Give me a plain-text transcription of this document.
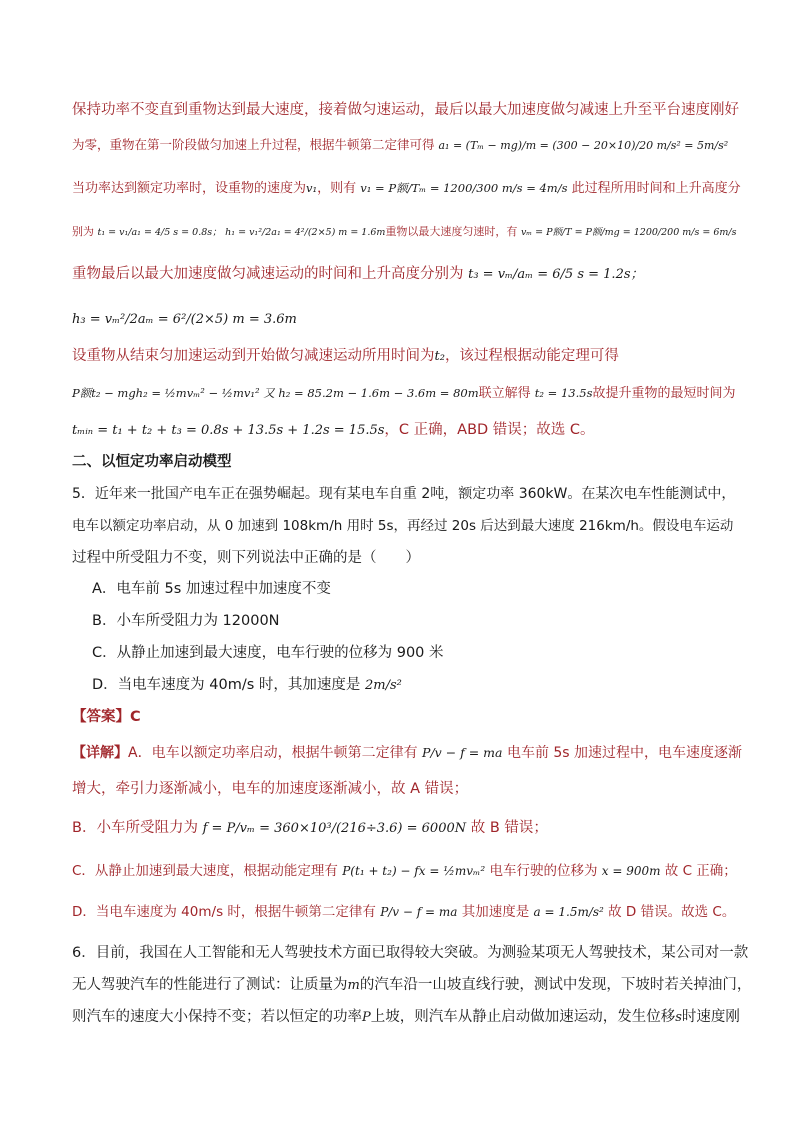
保持功率不变直到重物达到最大速度，接着做匀速运动，最后以最大加速度做匀减速上升至平台速度刚好
为零，重物在第一阶段做匀加速上升过程，根据牛顿第二定律可得 a₁ = (Tₘ − mg)/m = (300 − 20×10)/20 m/s² = 5m/s²
当功率达到额定功率时，设重物的速度为v₁，则有 v₁ = P额/Tₘ = 1200/300 m/s = 4m/s 此过程所用时间和上升高度分
别为 t₁ = v₁/a₁ = 4/5 s = 0.8s； h₁ = v₁²/2a₁ = 4²/(2×5) m = 1.6m重物以最大速度匀速时，有 vₘ = P额/T = P额/mg = 1200/200 m/s = 6m/s
重物最后以最大加速度做匀减速运动的时间和上升高度分别为 t₃ = vₘ/aₘ = 6/5 s = 1.2s；
h₃ = vₘ²/2aₘ = 6²/(2×5) m = 3.6m
设重物从结束匀加速运动到开始做匀减速运动所用时间为t₂，该过程根据动能定理可得
P额t₂ − mgh₂ = ½mvₘ² − ½mv₁² 又 h₂ = 85.2m − 1.6m − 3.6m = 80m联立解得 t₂ = 13.5s故提升重物的最短时间为
tₘᵢₙ = t₁ + t₂ + t₃ = 0.8s + 13.5s + 1.2s = 15.5s，C 正确，ABD 错误；故选 C。
二、以恒定功率启动模型
5．近年来一批国产电车正在强势崛起。现有某电车自重 2吨，额定功率 360kW。在某次电车性能测试中，
电车以额定功率启动，从 0 加速到 108km/h 用时 5s，再经过 20s 后达到最大速度 216km/h。假设电车运动
过程中所受阻力不变，则下列说法中正确的是（　　）
A．电车前 5s 加速过程中加速度不变
B．小车所受阻力为 12000N
C．从静止加速到最大速度，电车行驶的位移为 900 米
D．当电车速度为 40m/s 时，其加速度是 2m/s²
【答案】C
【详解】A．电车以额定功率启动，根据牛顿第二定律有 P/v − f = ma 电车前 5s 加速过程中，电车速度逐渐
增大，牵引力逐渐减小，电车的加速度逐渐减小，故 A 错误；
B．小车所受阻力为 f = P/vₘ = 360×10³/(216÷3.6) = 6000N 故 B 错误；
C．从静止加速到最大速度，根据动能定理有 P(t₁ + t₂) − fx = ½mvₘ² 电车行驶的位移为 x = 900m 故 C 正确；
D．当电车速度为 40m/s 时，根据牛顿第二定律有 P/v − f = ma 其加速度是 a = 1.5m/s² 故 D 错误。故选 C。
6．目前，我国在人工智能和无人驾驶技术方面已取得较大突破。为测验某项无人驾驶技术，某公司对一款
无人驾驶汽车的性能进行了测试：让质量为m的汽车沿一山坡直线行驶，测试中发现，下坡时若关掉油门，
则汽车的速度大小保持不变；若以恒定的功率P上坡，则汽车从静止启动做加速运动，发生位移s时速度刚
